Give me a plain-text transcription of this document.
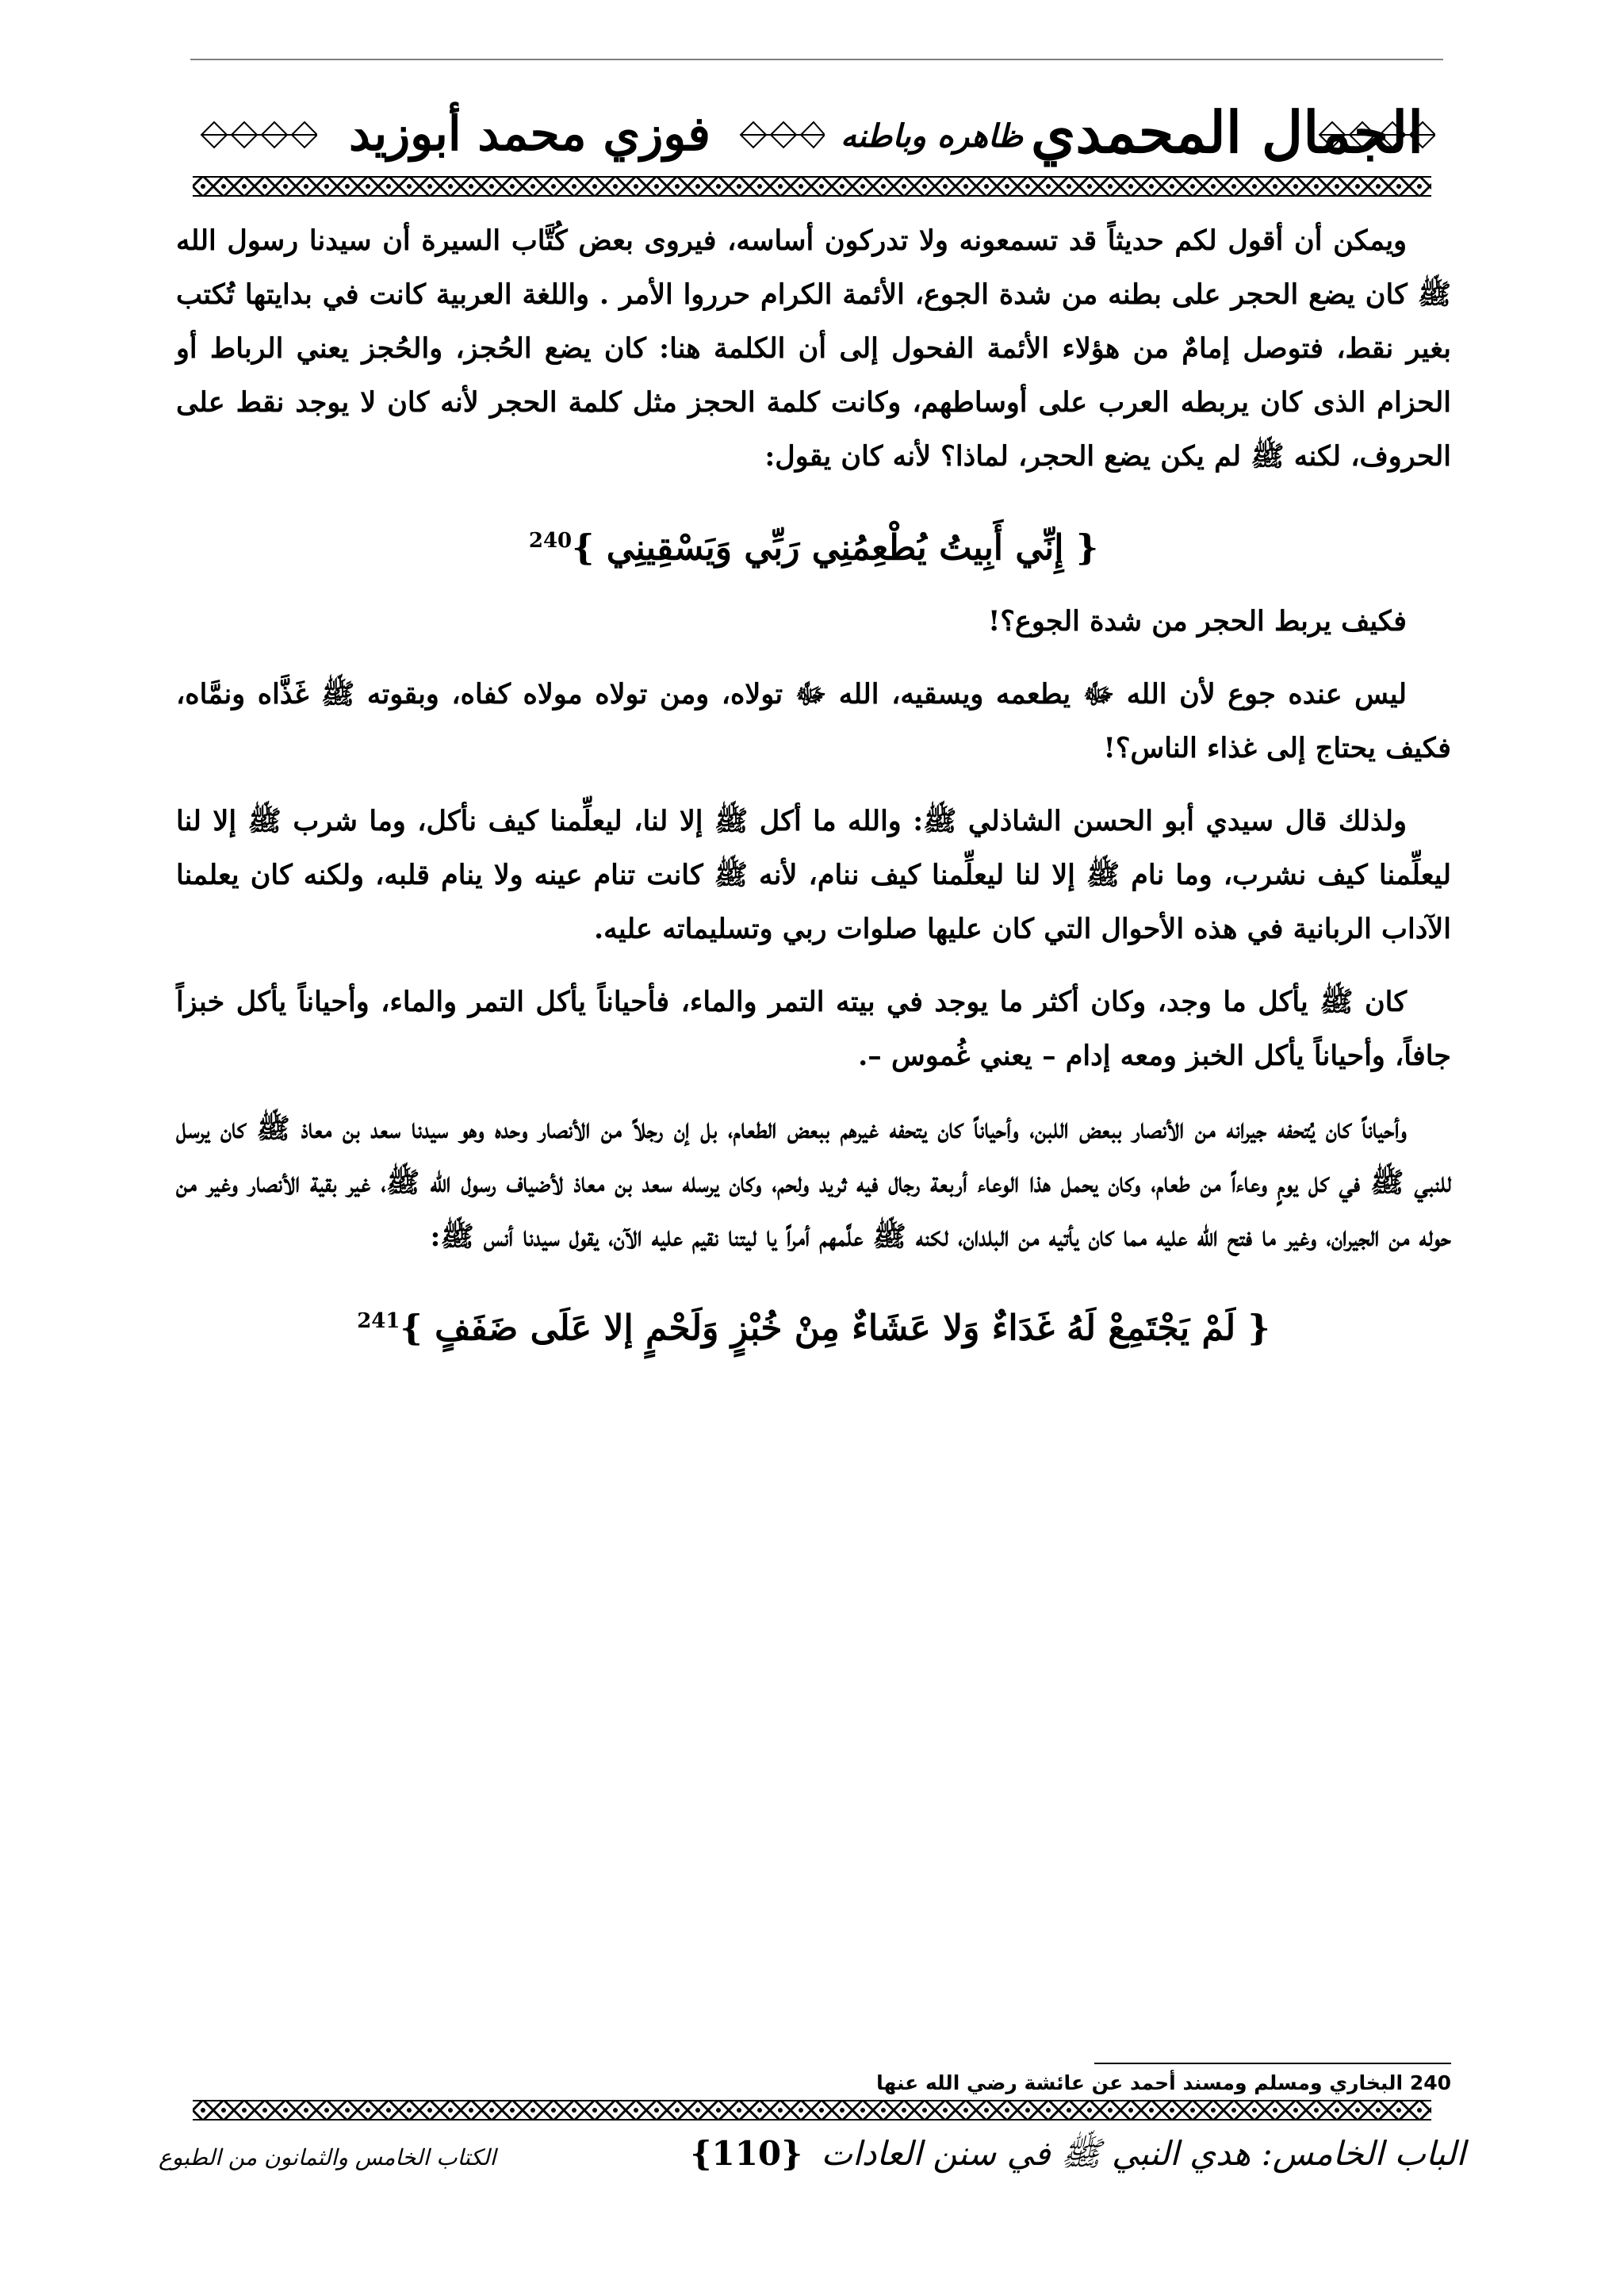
فوزي محمد أبوزيد	ظاهره وباطنه الجمال المحمدي

ويمكن أن أقول لكم حديثاً قد تسمعونه ولا تدركون أساسه، فيروى بعض كُتَّاب السيرة أن سيدنا رسول الله ﷺ كان يضع الحجر على بطنه من شدة الجوع، الأئمة الكرام حرروا الأمر . واللغة العربية كانت في بدايتها تُكتب بغير نقط، فتوصل إمامٌ من هؤلاء الأئمة الفحول إلى أن الكلمة هنا: كان يضع الحُجز، والحُجز يعني الرباط أو الحزام الذى كان يربطه العرب على أوساطهم، وكانت كلمة الحجز مثل كلمة الحجر لأنه كان لا يوجد نقط على الحروف، لكنه ﷺ لم يكن يضع الحجر، لماذا؟ لأنه كان يقول:

{ إِنِّي أَبِيتُ يُطْعِمُنِي رَبِّي وَيَسْقِينِي }$^{240}$

فكيف يربط الحجر من شدة الجوع؟!

ليس عنده جوع لأن الله ﷻ يطعمه ويسقيه، الله ﷻ تولاه، ومن تولاه مولاه كفاه، وبقوته ﷺ غَذَّاه ونمَّاه، فكيف يحتاج إلى غذاء الناس؟!

ولذلك قال سيدي أبو الحسن الشاذلي ﷺ: والله ما أكل ﷺ إلا لنا، ليعلِّمنا كيف نأكل، وما شرب ﷺ إلا لنا ليعلِّمنا كيف نشرب، وما نام ﷺ إلا لنا ليعلِّمنا كيف ننام، لأنه ﷺ كانت تنام عينه ولا ينام قلبه، ولكنه كان يعلمنا الآداب الربانية في هذه الأحوال التي كان عليها صلوات ربي وتسليماته عليه.

كان ﷺ يأكل ما وجد، وكان أكثر ما يوجد في بيته التمر والماء، فأحياناً يأكل التمر والماء، وأحياناً يأكل خبزاً جافاً، وأحياناً يأكل الخبز ومعه إدام – يعني غُموس –.

وأحياناً كان يُتحفه جيرانه من الأنصار ببعض اللبن، وأحياناً كان يتحفه غيرهم ببعض الطعام، بل إن رجلاً من الأنصار وحده وهو سيدنا سعد بن معاذ ﷺ كان يرسل للنبي ﷺ في كل يومٍ وعاءاً من طعام، وكان يحمل هذا الوعاء أربعة رجال فيه ثريد ولحم، وكان يرسله سعد بن معاذ لأضياف رسول الله ﷺ، غير بقية الأنصار وغير من حوله من الجيران، وغير ما فتح الله عليه مما كان يأتيه من البلدان، لكنه ﷺ علَّمهم أمراً يا ليتنا نقيم عليه الآن، يقول سيدنا أنس ﷺ:

{ لَمْ يَجْتَمِعْ لَهُ غَدَاءٌ وَلا عَشَاءٌ مِنْ خُبْزٍ وَلَحْمٍ إلا عَلَى ضَفَفٍ }$^{241}$
240 البخاري ومسلم ومسند أحمد عن عائشة رضي الله عنها
الباب الخامس: هدي النبي ﷺ في سنن العادات {110}
الكتاب الخامس والثمانون من الطبوع
